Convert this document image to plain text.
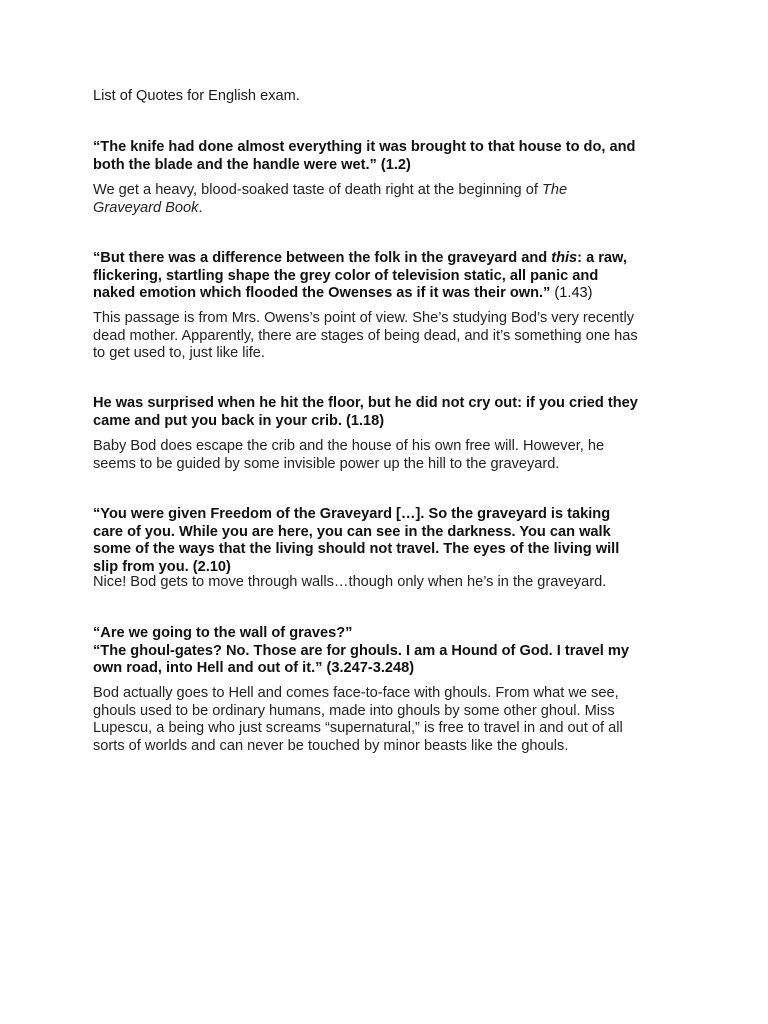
List of Quotes for English exam.
“The knife had done almost everything it was brought to that house to do, and
both the blade and the handle were wet.” (1.2)
We get a heavy, blood-soaked taste of death right at the beginning of The
Graveyard Book.
“But there was a difference between the folk in the graveyard and this: a raw,
flickering, startling shape the grey color of television static, all panic and
naked emotion which flooded the Owenses as if it was their own.” (1.43)
This passage is from Mrs. Owens’s point of view. She’s studying Bod’s very recently
dead mother. Apparently, there are stages of being dead, and it’s something one has
to get used to, just like life.
He was surprised when he hit the floor, but he did not cry out: if you cried they
came and put you back in your crib. (1.18)
Baby Bod does escape the crib and the house of his own free will. However, he
seems to be guided by some invisible power up the hill to the graveyard.
“You were given Freedom of the Graveyard […]. So the graveyard is taking
care of you. While you are here, you can see in the darkness. You can walk
some of the ways that the living should not travel. The eyes of the living will
slip from you. (2.10)
Nice! Bod gets to move through walls…though only when he’s in the graveyard.
“Are we going to the wall of graves?”
“The ghoul-gates? No. Those are for ghouls. I am a Hound of God. I travel my
own road, into Hell and out of it.” (3.247-3.248)
Bod actually goes to Hell and comes face-to-face with ghouls. From what we see,
ghouls used to be ordinary humans, made into ghouls by some other ghoul. Miss
Lupescu, a being who just screams “supernatural,” is free to travel in and out of all
sorts of worlds and can never be touched by minor beasts like the ghouls.
